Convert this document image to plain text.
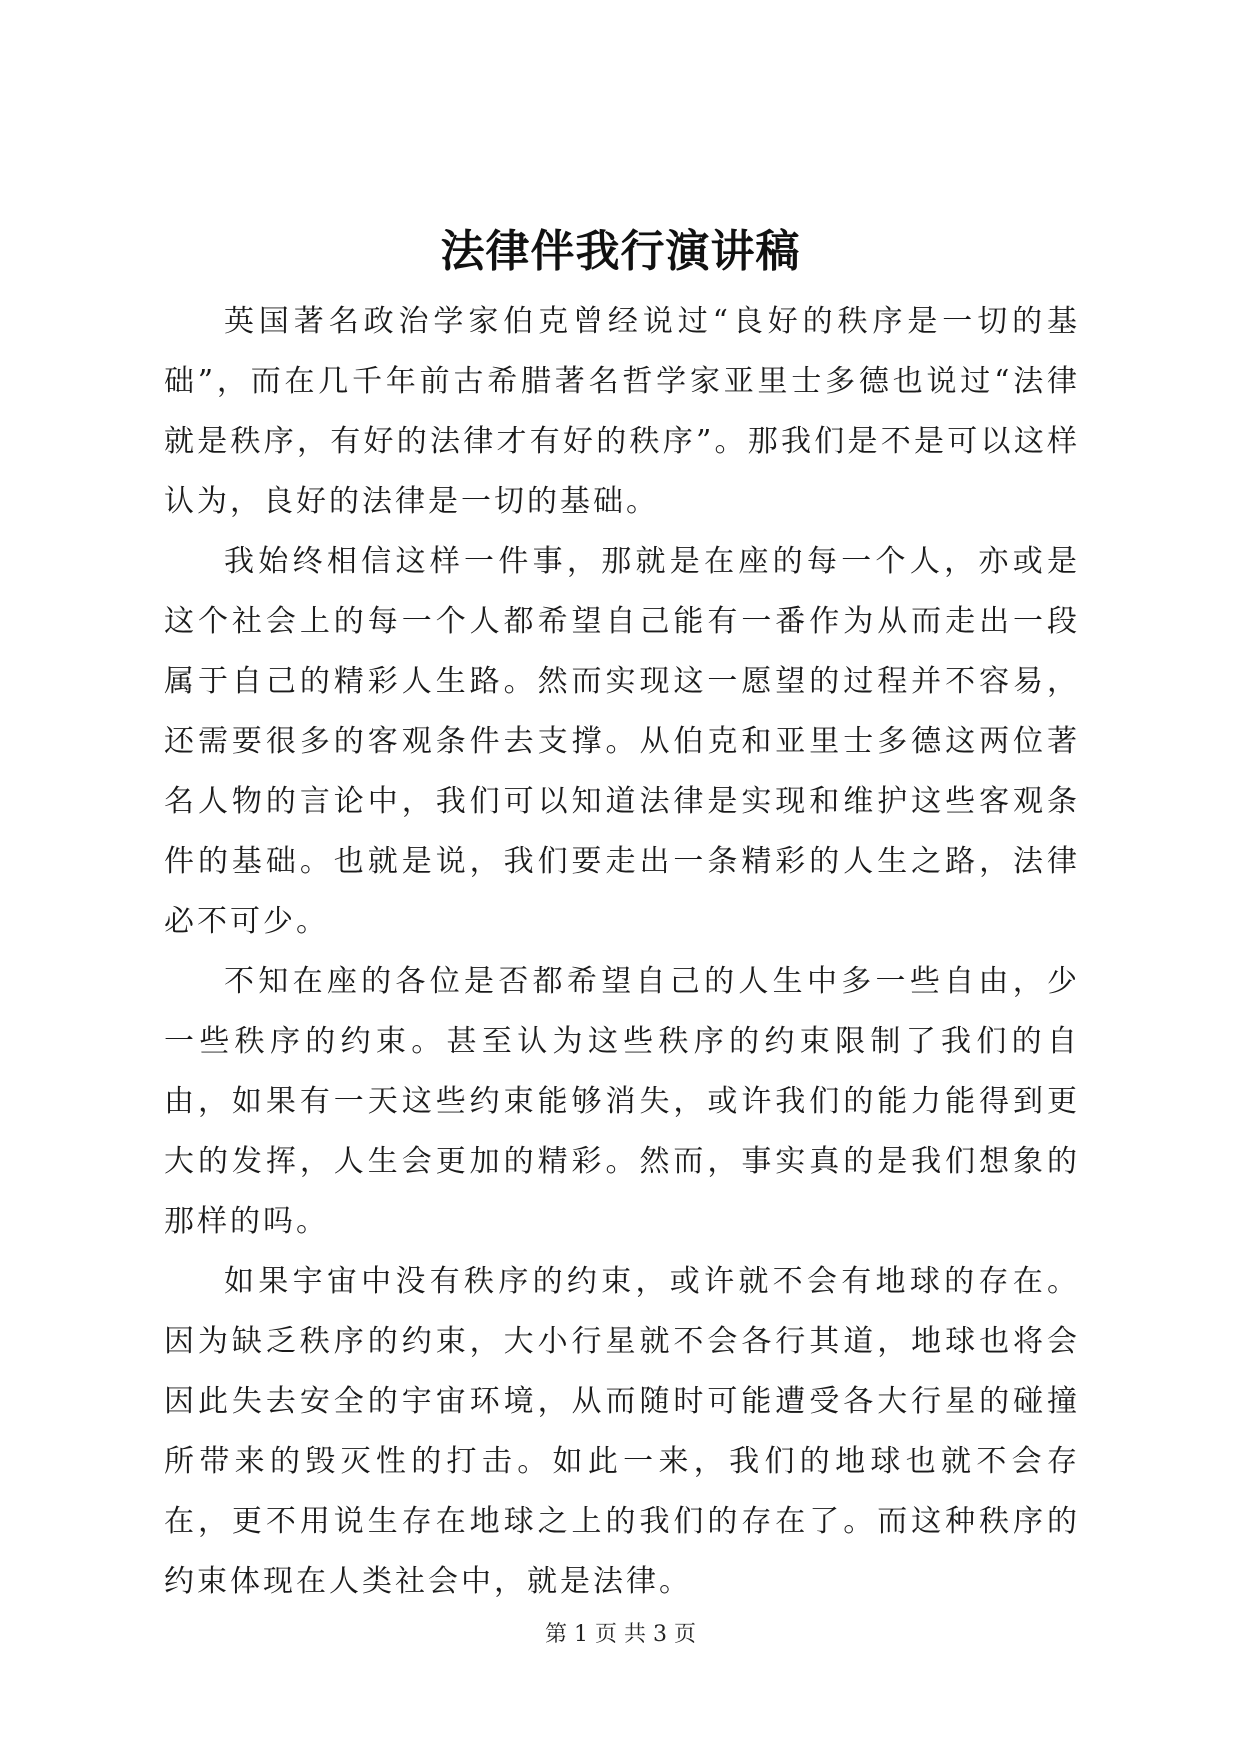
法律伴我行演讲稿

英国著名政治学家伯克曾经说过“良好的秩序是一切的基础”，而在几千年前古希腊著名哲学家亚里士多德也说过“法律就是秩序，有好的法律才有好的秩序”。那我们是不是可以这样认为，良好的法律是一切的基础。

我始终相信这样一件事，那就是在座的每一个人，亦或是这个社会上的每一个人都希望自己能有一番作为从而走出一段属于自己的精彩人生路。然而实现这一愿望的过程并不容易，还需要很多的客观条件去支撑。从伯克和亚里士多德这两位著名人物的言论中，我们可以知道法律是实现和维护这些客观条件的基础。也就是说，我们要走出一条精彩的人生之路，法律必不可少。

不知在座的各位是否都希望自己的人生中多一些自由，少一些秩序的约束。甚至认为这些秩序的约束限制了我们的自由，如果有一天这些约束能够消失，或许我们的能力能得到更大的发挥，人生会更加的精彩。然而，事实真的是我们想象的那样的吗。

如果宇宙中没有秩序的约束，或许就不会有地球的存在。因为缺乏秩序的约束，大小行星就不会各行其道，地球也将会因此失去安全的宇宙环境，从而随时可能遭受各大行星的碰撞所带来的毁灭性的打击。如此一来，我们的地球也就不会存在，更不用说生存在地球之上的我们的存在了。而这种秩序的约束体现在人类社会中，就是法律。

第 1 页 共 3 页
